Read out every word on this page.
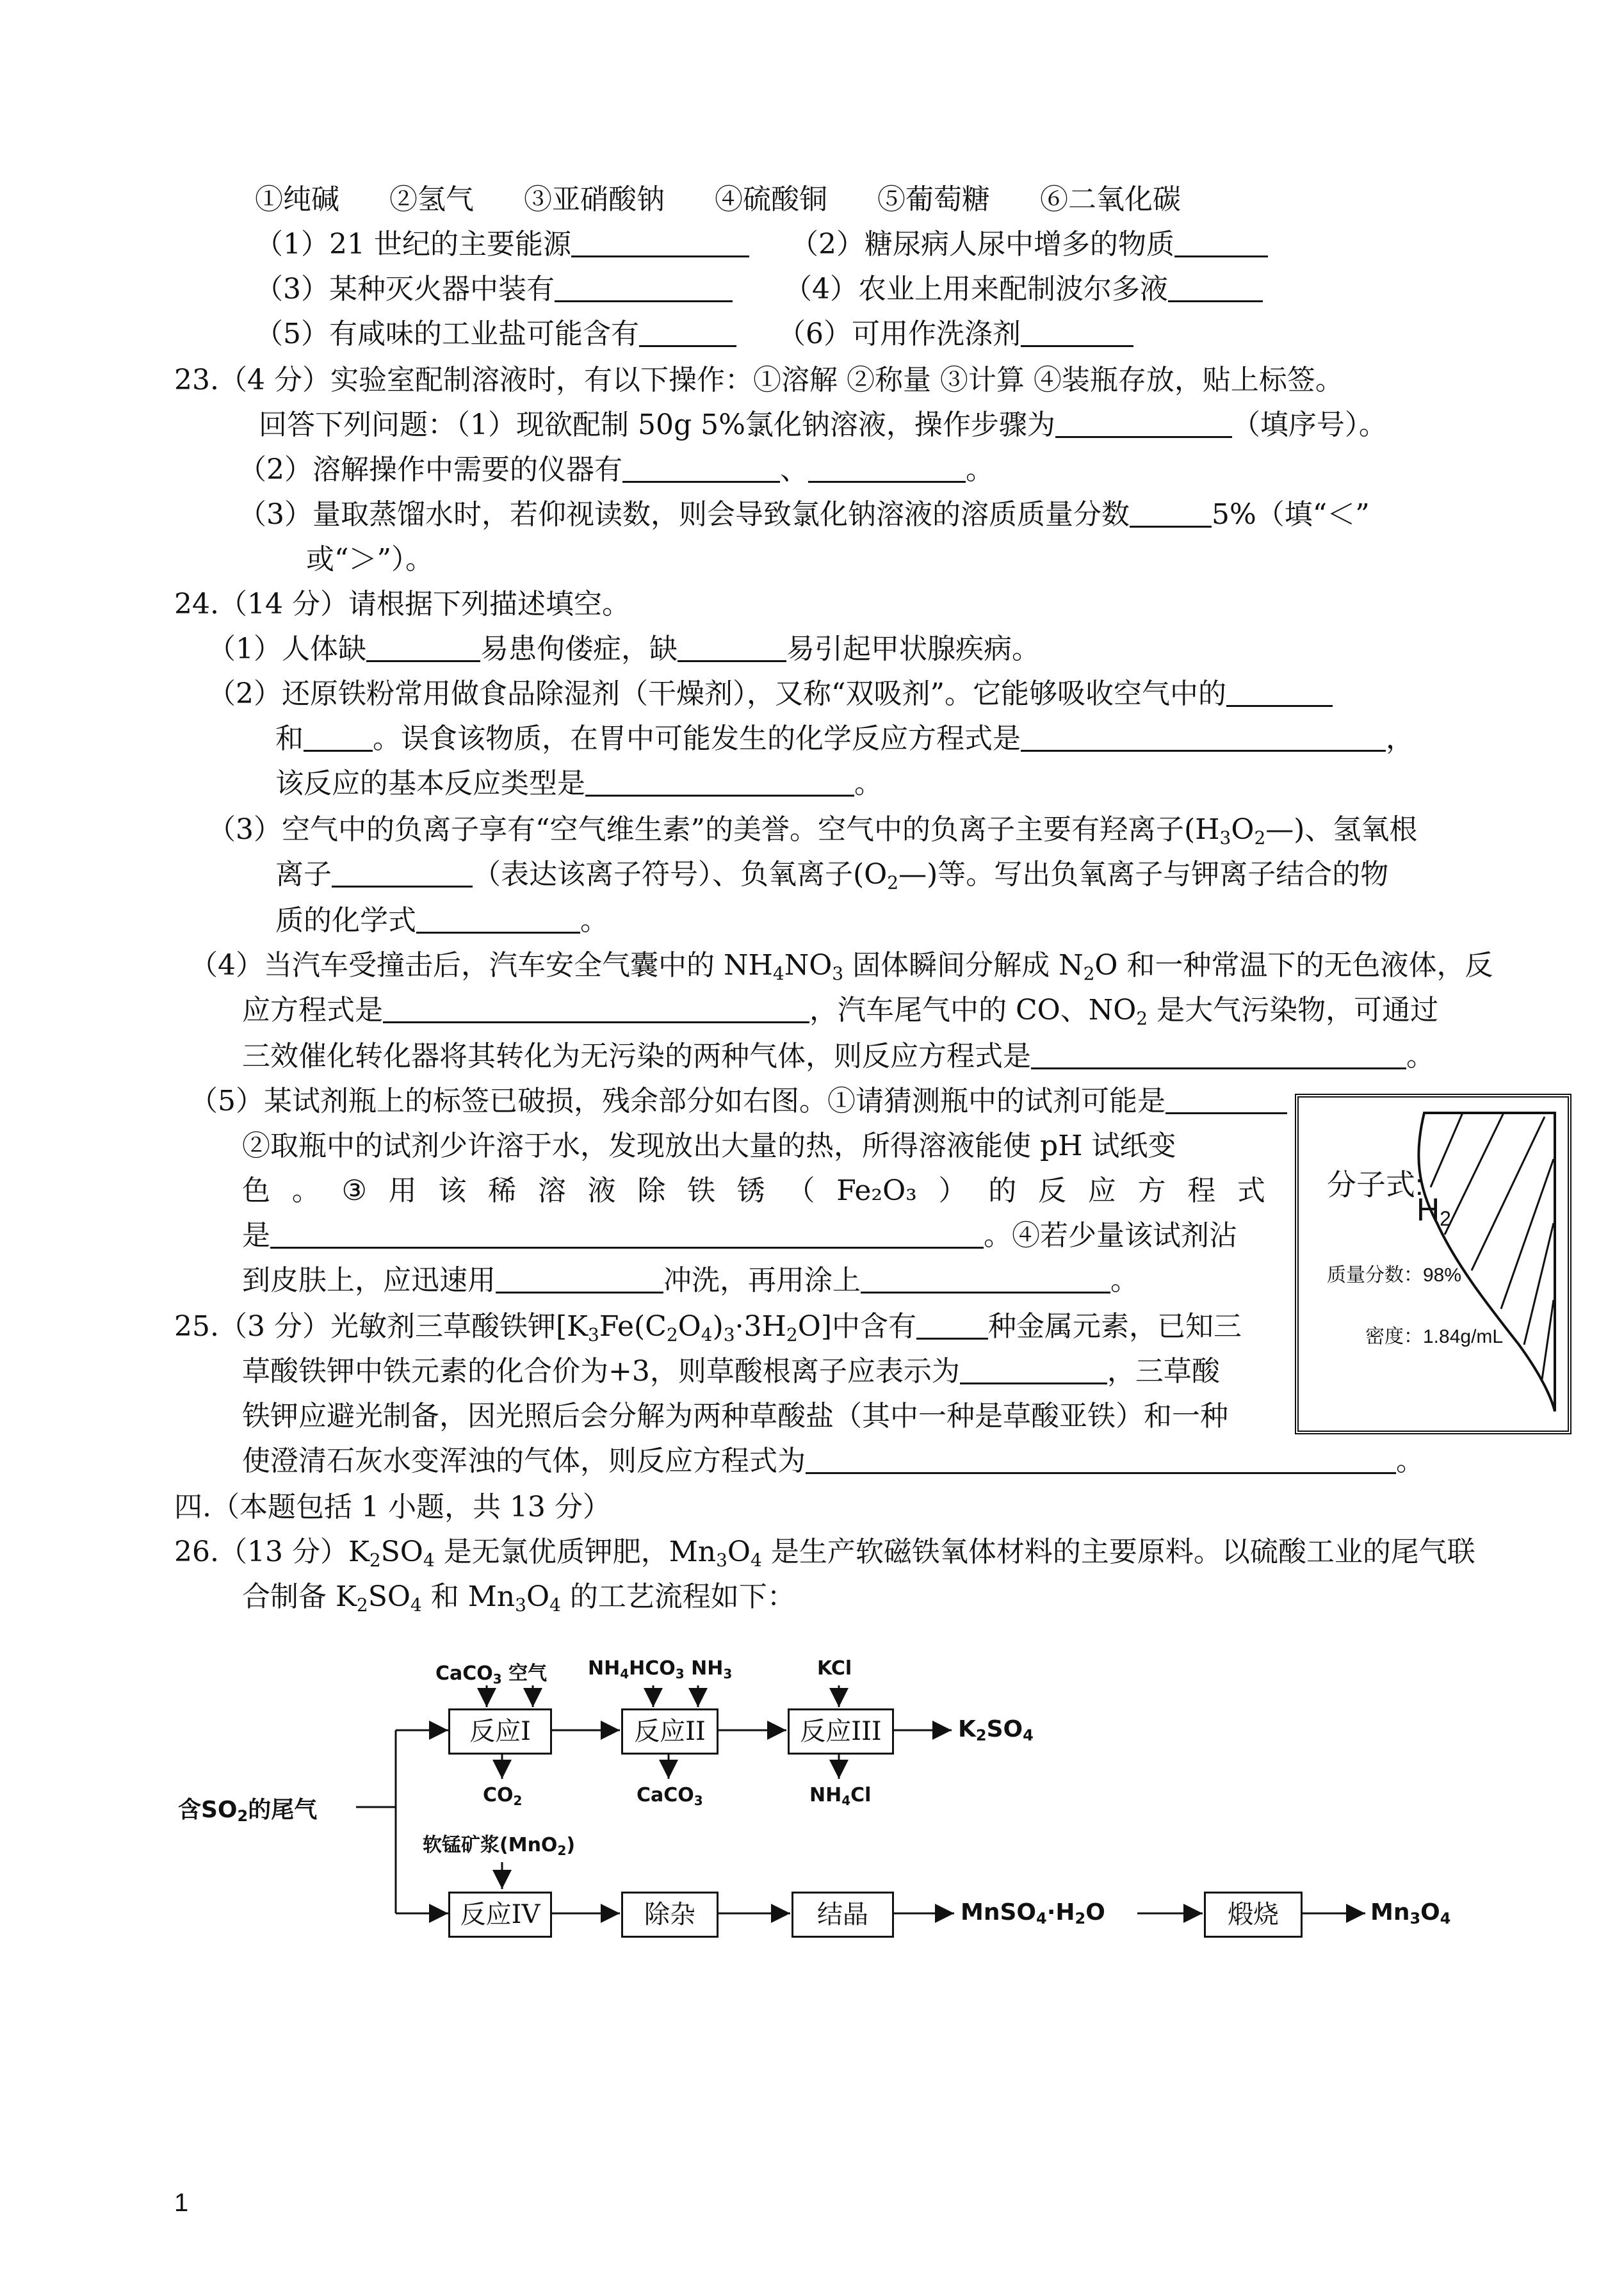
①纯碱 ②氢气 ③亚硝酸钠 ④硫酸铜 ⑤葡萄糖 ⑥二氧化碳
（1）21 世纪的主要能源	（2）糖尿病人尿中增多的物质
（3）某种灭火器中装有	（4）农业上用来配制波尔多液
（5）有咸味的工业盐可能含有	（6）可用作洗涤剂
23.（4 分）实验室配制溶液时，有以下操作：①溶解 ②称量 ③计算 ④装瓶存放，贴上标签。
回答下列问题：（1）现欲配制 50g 5%氯化钠溶液，操作步骤为	（填序号）。
（2）溶解操作中需要的仪器有	、	。
（3）量取蒸馏水时，若仰视读数，则会导致氯化钠溶液的溶质质量分数	5%（填“＜”
或“＞”）。
24.（14 分）请根据下列描述填空。
（1）人体缺	易患佝偻症，缺	易引起甲状腺疾病。
（2）还原铁粉常用做食品除湿剂（干燥剂），又称“双吸剂”。它能够吸收空气中的
和 。误食该物质，在胃中可能发生的化学反应方程式是	，
该反应的基本反应类型是	。
（3）空气中的负离子享有“空气维生素”的美誉。空气中的负离子主要有羟离子$(H_3O_2—)$、氢氧根
离子	（表达该离子符号）、负氧离子$(O_2—)$等。写出负氧离子与钾离子结合的物
质的化学式	。
（4）当汽车受撞击后，汽车安全气囊中的 $NH_4NO_3$ 固体瞬间分解成 $N_2O$ 和一种常温下的无色液体，反
应方程式是	，汽车尾气中的 CO、$NO_2$ 是大气污染物，可通过
三效催化转化器将其转化为无污染的两种气体，则反应方程式是	。
（5）某试剂瓶上的标签已破损，残余部分如右图。①请猜测瓶中的试剂可能是
②取瓶中的试剂少许溶于水，发现放出大量的热，所得溶液能使 pH 试纸变
色 。 ③ 用 该 稀 溶 液 除 铁 锈 （ Fe₂O₃ ） 的 反 应 方 程 式
是	。④若少量该试剂沾
到皮肤上，应迅速用	冲洗，再用涂上	。
分子式:
$H_2$
质量分数：98%
密度：1.84g/mL
25.（3 分）光敏剂三草酸铁钾$[K_3Fe(C_2O_4)_3\cdot 3H_2O]$中含有	种金属元素，已知三
草酸铁钾中铁元素的化合价为+3，则草酸根离子应表示为	，三草酸
铁钾应避光制备，因光照后会分解为两种草酸盐（其中一种是草酸亚铁）和一种
使澄清石灰水变浑浊的气体，则反应方程式为	。
四.（本题包括 1 小题，共 13 分）
26.（13 分）$K_2SO_4$ 是无氯优质钾肥，$Mn_3O_4$ 是生产软磁铁氧体材料的主要原料。以硫酸工业的尾气联
合制备 $K_2SO_4$ 和 $Mn_3O_4$ 的工艺流程如下：
反应I	反应II	反应III
反应IV	除杂	结晶	煅烧
含$SO_2$的尾气
CaCO$_3$ 空气 $NH_4HCO_3$ $NH_3$	KCl
$CO_2$	CaCO$_3$	$NH_4Cl$
软锰矿浆(MnO$_2$)
$K_2SO_4$
$MnSO_4\cdot H_2O$	$Mn_3O_4$
1
